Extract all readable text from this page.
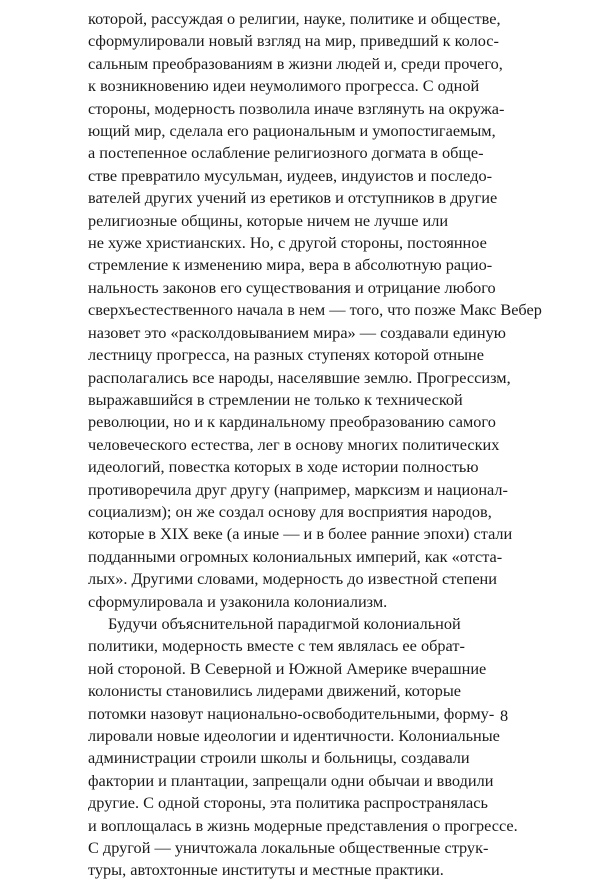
которой, рассуждая о религии, науке, политике и обществе,
сформулировали новый взгляд на мир, приведший к колос-
сальным преобразованиям в жизни людей и, среди прочего,
к возникновению идеи неумолимого прогресса. С одной
стороны, модерность позволила иначе взглянуть на окружа-
ющий мир, сделала его рациональным и умопостигаемым,
а постепенное ослабление религиозного догмата в обще-
стве превратило мусульман, иудеев, индуистов и последо-
вателей других учений из еретиков и отступников в другие
религиозные общины, которые ничем не лучше или
не хуже христианских. Но, с другой стороны, постоянное
стремление к изменению мира, вера в абсолютную рацио-
нальность законов его существования и отрицание любого
сверхъестественного начала в нем — того, что позже Макс Вебер
назовет это «расколдовыванием мира» — создавали единую
лестницу прогресса, на разных ступенях которой отныне
располагались все народы, населявшие землю. Прогрессизм,
выражавшийся в стремлении не только к технической
революции, но и к кардинальному преобразованию самого
человеческого естества, лег в основу многих политических
идеологий, повестка которых в ходе истории полностью
противоречила друг другу (например, марксизм и национал-
социализм); он же создал основу для восприятия народов,
которые в XIX веке (а иные — и в более ранние эпохи) стали
подданными огромных колониальных империй, как «отста-
лых». Другими словами, модерность до известной степени
сформулировала и узаконила колониализм.
Будучи объяснительной парадигмой колониальной
политики, модерность вместе с тем являлась ее обрат-
ной стороной. В Северной и Южной Америке вчерашние
колонисты становились лидерами движений, которые
потомки назовут национально-освободительными, форму-
лировали новые идеологии и идентичности. Колониальные
администрации строили школы и больницы, создавали
фактории и плантации, запрещали одни обычаи и вводили
другие. С одной стороны, эта политика распространялась
и воплощалась в жизнь модерные представления о прогрессе.
С другой — уничтожала локальные общественные струк-
туры, автохтонные институты и местные практики.
8
